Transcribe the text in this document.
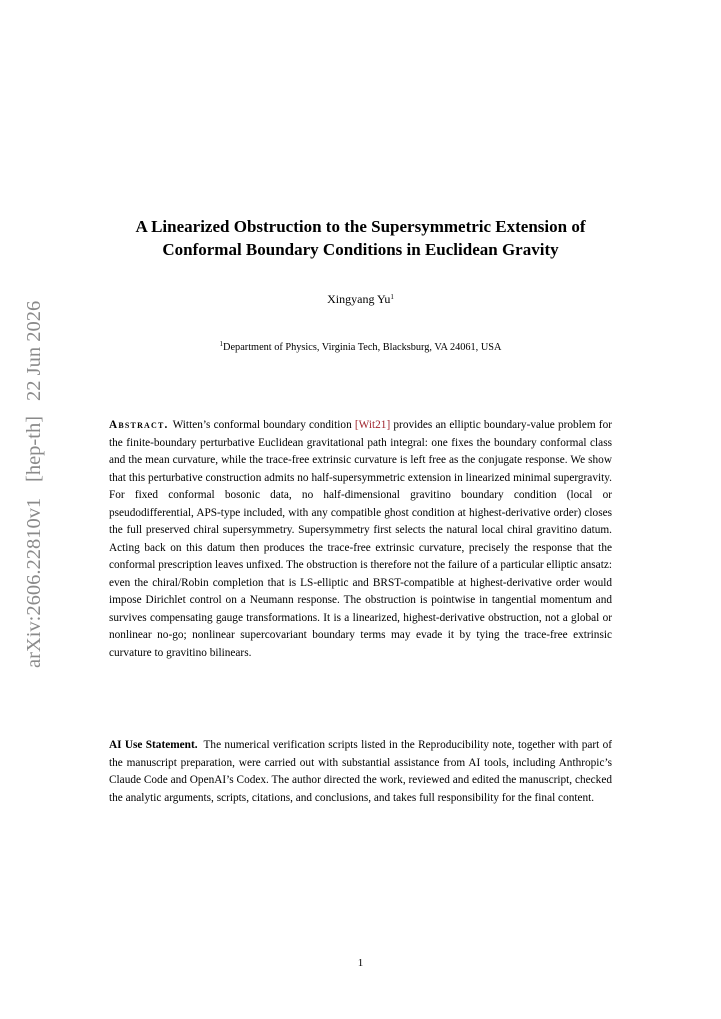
arXiv:2606.22810v1   [hep-th]   22 Jun 2026
A Linearized Obstruction to the Supersymmetric Extension of
Conformal Boundary Conditions in Euclidean Gravity
Xingyang Yu$^1$
$^1$Department of Physics, Virginia Tech, Blacksburg, VA 24061, USA
Abstract. Witten’s conformal boundary condition [Wit21] provides an elliptic boundary-value problem for the finite-boundary perturbative Euclidean gravitational path integral: one fixes the boundary conformal class and the mean curvature, while the trace-free extrinsic curvature is left free as the conjugate response. We show that this perturbative construction admits no half-supersymmetric extension in linearized minimal supergravity. For fixed conformal bosonic data, no half-dimensional gravitino boundary condition (local or pseudodifferential, APS-type included, with any compatible ghost condition at highest-derivative order) closes the full preserved chiral supersymmetry. Supersymmetry first selects the natural local chiral gravitino datum. Acting back on this datum then produces the trace-free extrinsic curvature, precisely the response that the conformal prescription leaves unfixed. The obstruction is therefore not the failure of a particular elliptic ansatz: even the chiral/Robin completion that is LS-elliptic and BRST-compatible at highest-derivative order would impose Dirichlet control on a Neumann response. The obstruction is pointwise in tangential momentum and survives compensating gauge transformations. It is a linearized, highest-derivative obstruction, not a global or nonlinear no-go; nonlinear supercovariant boundary terms may evade it by tying the trace-free extrinsic curvature to gravitino bilinears.
AI Use Statement. The numerical verification scripts listed in the Reproducibility note, together with part of the manuscript preparation, were carried out with substantial assistance from AI tools, including Anthropic’s Claude Code and OpenAI’s Codex. The author directed the work, reviewed and edited the manuscript, checked the analytic arguments, scripts, citations, and conclusions, and takes full responsibility for the final content.
1
